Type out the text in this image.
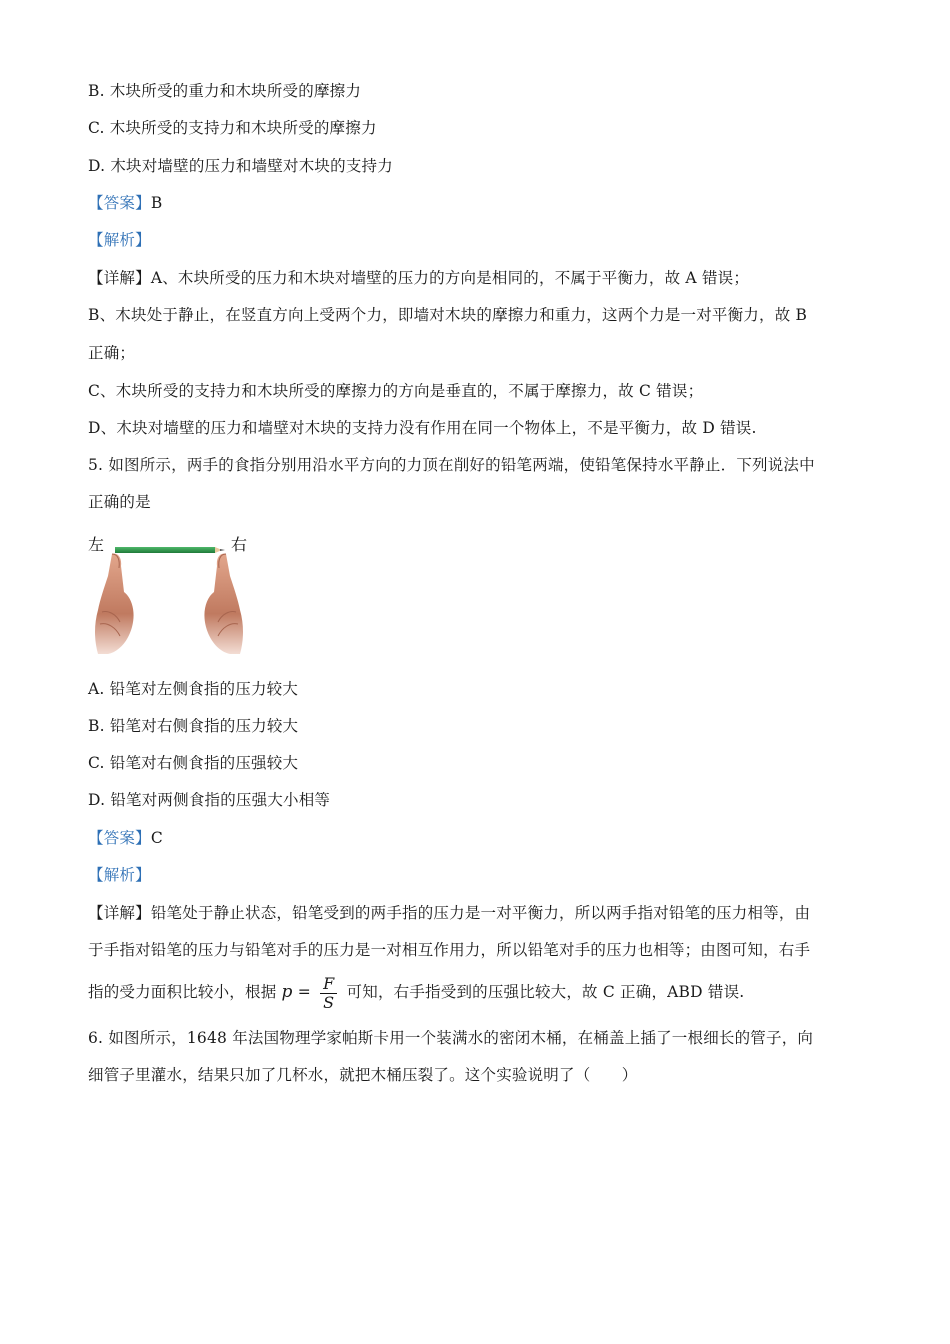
B. 木块所受的重力和木块所受的摩擦力
C. 木块所受的支持力和木块所受的摩擦力
D. 木块对墙壁的压力和墙壁对木块的支持力
【答案】B
【解析】
【详解】A、木块所受的压力和木块对墙壁的压力的方向是相同的，不属于平衡力，故 A 错误；
B、木块处于静止，在竖直方向上受两个力，即墙对木块的摩擦力和重力，这两个力是一对平衡力，故 B
正确；
C、木块所受的支持力和木块所受的摩擦力的方向是垂直的，不属于摩擦力，故 C 错误；
D、木块对墙壁的压力和墙壁对木块的支持力没有作用在同一个物体上，不是平衡力，故 D 错误.
5. 如图所示，两手的食指分别用沿水平方向的力顶在削好的铅笔两端，使铅笔保持水平静止．下列说法中
正确的是
左	右
A. 铅笔对左侧食指的压力较大
B. 铅笔对右侧食指的压力较大
C. 铅笔对右侧食指的压强较大
D. 铅笔对两侧食指的压强大小相等
【答案】C
【解析】
【详解】铅笔处于静止状态，铅笔受到的两手指的压力是一对平衡力，所以两手指对铅笔的压力相等，由
于手指对铅笔的压力与铅笔对手的压力是一对相互作用力，所以铅笔对手的压力也相等；由图可知，右手
指的受力面积比较小，根据 $p = \frac{F}{S}$ 可知，右手指受到的压强比较大，故 C 正确，ABD 错误.
6. 如图所示，1648 年法国物理学家帕斯卡用一个装满水的密闭木桶，在桶盖上插了一根细长的管子，向
细管子里灌水，结果只加了几杯水，就把木桶压裂了。这个实验说明了（　　）
